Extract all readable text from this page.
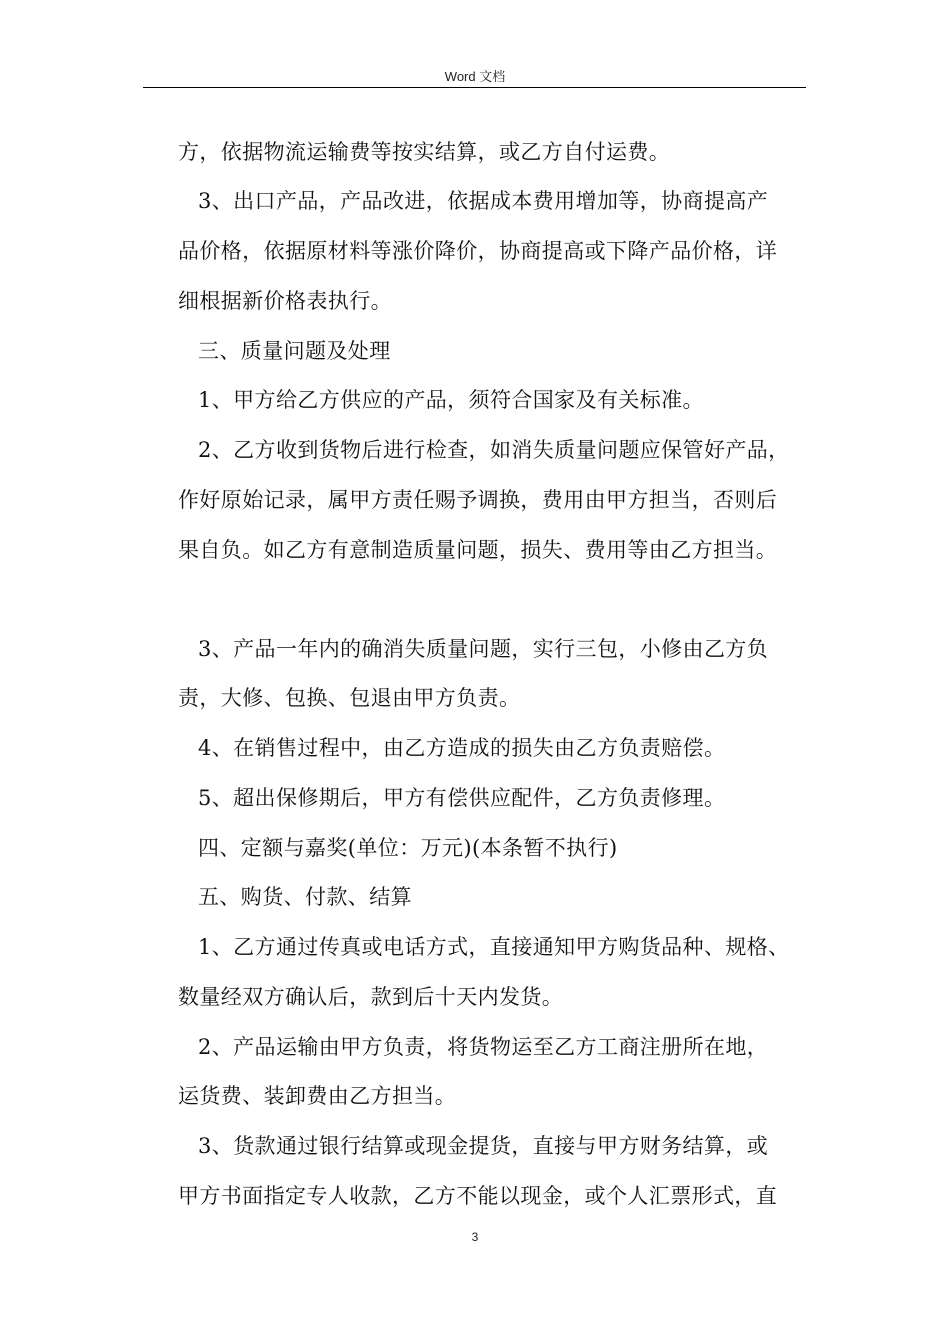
Word 文档
方，依据物流运输费等按实结算，或乙方自付运费。
3、出口产品，产品改进，依据成本费用增加等，协商提高产
品价格，依据原材料等涨价降价，协商提高或下降产品价格，详
细根据新价格表执行。
三、质量问题及处理
1、甲方给乙方供应的产品，须符合国家及有关标准。
2、乙方收到货物后进行检查，如消失质量问题应保管好产品，
作好原始记录，属甲方责任赐予调换，费用由甲方担当，否则后
果自负。如乙方有意制造质量问题，损失、费用等由乙方担当。
3、产品一年内的确消失质量问题，实行三包，小修由乙方负
责，大修、包换、包退由甲方负责。
4、在销售过程中，由乙方造成的损失由乙方负责赔偿。
5、超出保修期后，甲方有偿供应配件，乙方负责修理。
四、定额与嘉奖(单位：万元)(本条暂不执行)
五、购货、付款、结算
1、乙方通过传真或电话方式，直接通知甲方购货品种、规格、
数量经双方确认后，款到后十天内发货。
2、产品运输由甲方负责，将货物运至乙方工商注册所在地，
运货费、装卸费由乙方担当。
3、货款通过银行结算或现金提货，直接与甲方财务结算，或
甲方书面指定专人收款，乙方不能以现金，或个人汇票形式，直
3
